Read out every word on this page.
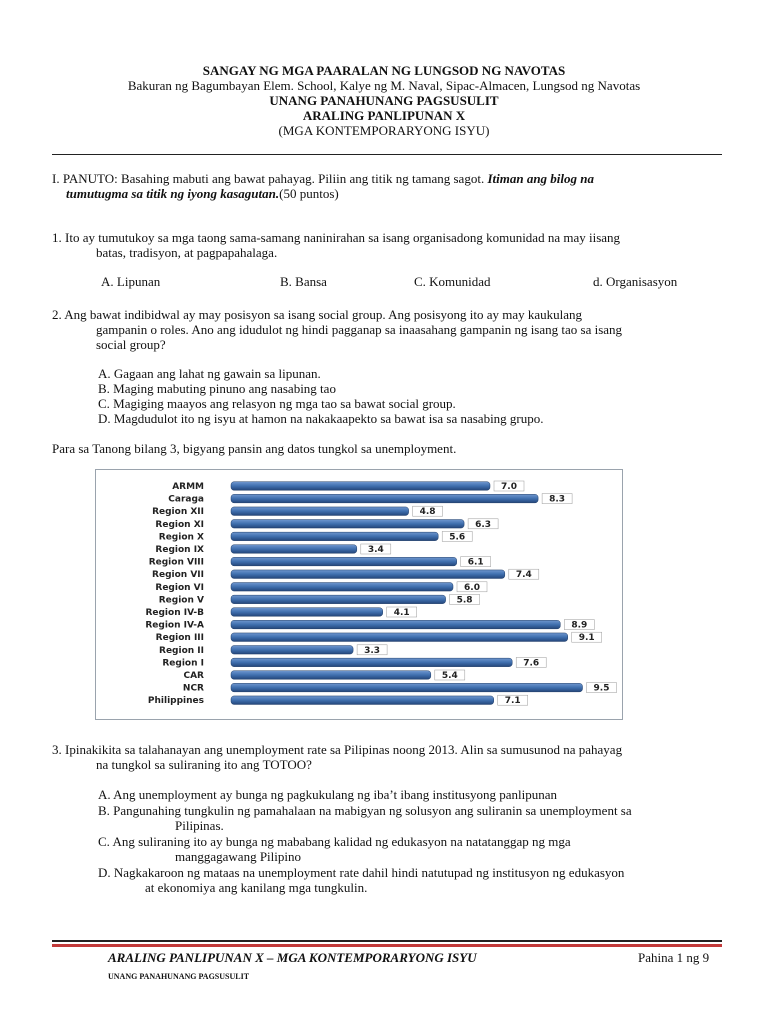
SANGAY NG MGA PAARALAN NG LUNGSOD NG NAVOTAS
Bakuran ng Bagumbayan Elem. School, Kalye ng M. Naval, Sipac-Almacen, Lungsod ng Navotas
UNANG PANAHUNANG PAGSUSULIT
ARALING PANLIPUNAN X
(MGA KONTEMPORARYONG ISYU)
I. PANUTO: Basahing mabuti ang bawat pahayag. Piliin ang titik ng tamang sagot. Itiman ang bilog na
tumutugma sa titik ng iyong kasagutan.(50 puntos)
1. Ito ay tumutukoy sa mga taong sama-samang naninirahan sa isang organisadong komunidad na may iisang
batas, tradisyon, at pagpapahalaga.
A. Lipunan	B. Bansa	C. Komunidad	d. Organisasyon
2. Ang bawat indibidwal ay may posisyon sa isang social group. Ang posisyong ito ay may kaukulang
gampanin o roles. Ano ang idudulot ng hindi pagganap sa inaasahang gampanin ng isang tao sa isang
social group?
A. Gagaan ang lahat ng gawain sa lipunan.
B. Maging mabuting pinuno ang nasabing tao
C. Magiging maayos ang relasyon ng mga tao sa bawat social group.
D. Magdudulot ito ng isyu at hamon na nakakaapekto sa bawat isa sa nasabing grupo.
Para sa Tanong bilang 3, bigyang pansin ang datos tungkol sa unemployment.
ARMM	7.0
Caraga	8.3
Region XII	4.8
Region XI	6.3
Region X	5.6
Region IX	3.4
Region VIII	6.1
Region VII	7.4
Region VI	6.0
Region V	5.8
Region IV-B	4.1
Region IV-A	8.9
Region III	9.1
Region II	3.3
Region I	7.6
CAR	5.4
NCR	9.5
Philippines	7.1
3. Ipinakikita sa talahanayan ang unemployment rate sa Pilipinas noong 2013. Alin sa sumusunod na pahayag
na tungkol sa suliraning ito ang TOTOO?
A. Ang unemployment ay bunga ng pagkukulang ng iba’t ibang institusyong panlipunan
B. Pangunahing tungkulin ng pamahalaan na mabigyan ng solusyon ang suliranin sa unemployment sa
Pilipinas.
C. Ang suliraning ito ay bunga ng mababang kalidad ng edukasyon na natatanggap ng mga
manggagawang Pilipino
D. Nagkakaroon ng mataas na unemployment rate dahil hindi natutupad ng institusyon ng edukasyon
at ekonomiya ang kanilang mga tungkulin.
ARALING PANLIPUNAN X – MGA KONTEMPORARYONG ISYU	Pahina 1 ng 9
UNANG PANAHUNANG PAGSUSULIT
